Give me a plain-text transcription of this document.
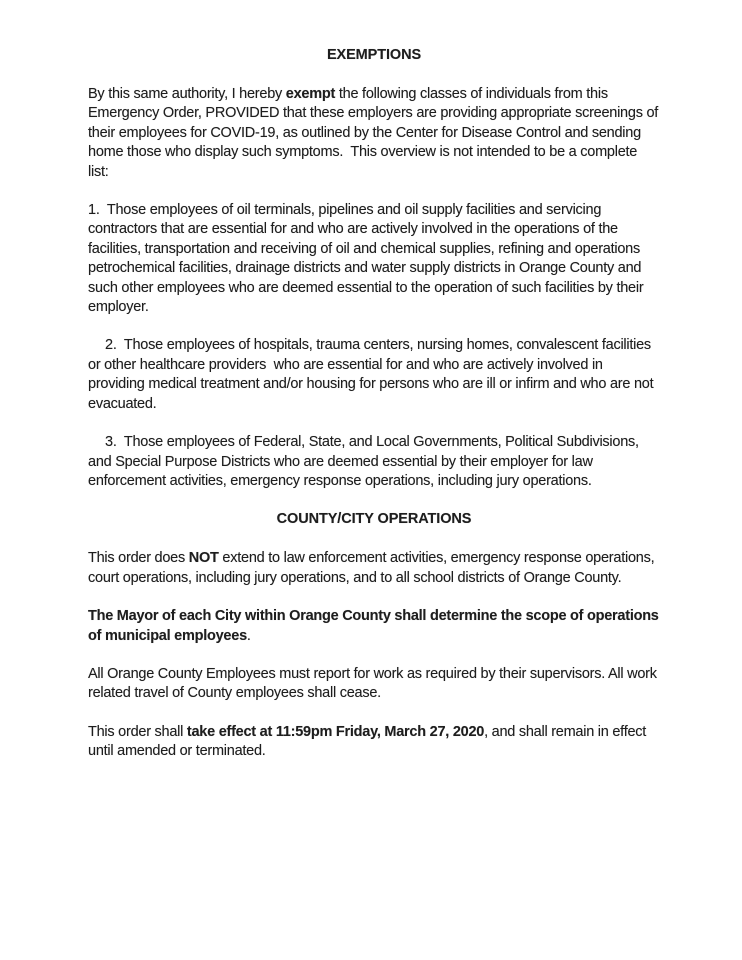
EXEMPTIONS

By this same authority, I hereby exempt the following classes of individuals from this Emergency Order, PROVIDED that these employers are providing appropriate screenings of their employees for COVID-19, as outlined by the Center for Disease Control and sending home those who display such symptoms.  This overview is not intended to be a complete list:

1.  Those employees of oil terminals, pipelines and oil supply facilities and servicing contractors that are essential for and who are actively involved in the operations of the facilities, transportation and receiving of oil and chemical supplies, refining and operations petrochemical facilities, drainage districts and water supply districts in Orange County and such other employees who are deemed essential to the operation of such facilities by their employer.

2.  Those employees of hospitals, trauma centers, nursing homes, convalescent facilities or other healthcare providers  who are essential for and who are actively involved in providing medical treatment and/or housing for persons who are ill or infirm and who are not evacuated.

3.  Those employees of Federal, State, and Local Governments, Political Subdivisions, and Special Purpose Districts who are deemed essential by their employer for law enforcement activities, emergency response operations, including jury operations.

COUNTY/CITY OPERATIONS

This order does NOT extend to law enforcement activities, emergency response operations, court operations, including jury operations, and to all school districts of Orange County.

The Mayor of each City within Orange County shall determine the scope of operations of municipal employees.

All Orange County Employees must report for work as required by their supervisors. All work related travel of County employees shall cease.

This order shall take effect at 11:59pm Friday, March 27, 2020, and shall remain in effect until amended or terminated.
